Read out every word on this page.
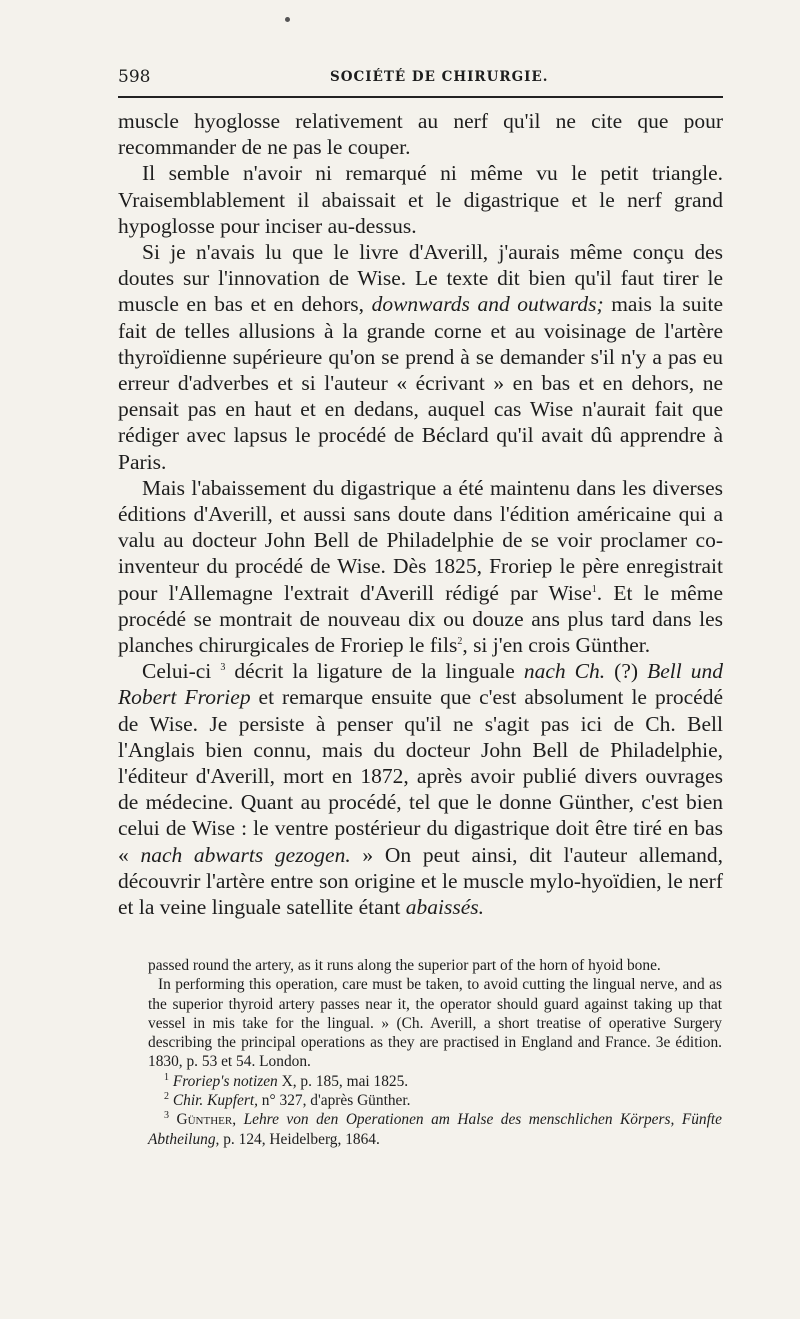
598	SOCIÉTÉ DE CHIRURGIE.

muscle hyoglosse relativement au nerf qu'il ne cite que pour recommander de ne pas le couper.

Il semble n'avoir ni remarqué ni même vu le petit triangle. Vraisemblablement il abaissait et le digastrique et le nerf grand hypoglosse pour inciser au-dessus.

Si je n'avais lu que le livre d'Averill, j'aurais même conçu des doutes sur l'innovation de Wise. Le texte dit bien qu'il faut tirer le muscle en bas et en dehors, downwards and outwards; mais la suite fait de telles allusions à la grande corne et au voisinage de l'artère thyroïdienne supérieure qu'on se prend à se demander s'il n'y a pas eu erreur d'adverbes et si l'auteur « écrivant » en bas et en dehors, ne pensait pas en haut et en dedans, auquel cas Wise n'aurait fait que rédiger avec lapsus le procédé de Béclard qu'il avait dû apprendre à Paris.

Mais l'abaissement du digastrique a été maintenu dans les diverses éditions d'Averill, et aussi sans doute dans l'édition américaine qui a valu au docteur John Bell de Philadelphie de se voir proclamer co-inventeur du procédé de Wise. Dès 1825, Froriep le père enregistrait pour l'Allemagne l'extrait d'Averill rédigé par Wise$^1$. Et le même procédé se montrait de nouveau dix ou douze ans plus tard dans les planches chirurgicales de Froriep le fils$^2$, si j'en crois Günther.

Celui-ci $^3$ décrit la ligature de la linguale nach Ch. (?) Bell und Robert Froriep et remarque ensuite que c'est absolument le procédé de Wise. Je persiste à penser qu'il ne s'agit pas ici de Ch. Bell l'Anglais bien connu, mais du docteur John Bell de Philadelphie, l'éditeur d'Averill, mort en 1872, après avoir publié divers ouvrages de médecine. Quant au procédé, tel que le donne Günther, c'est bien celui de Wise : le ventre postérieur du digastrique doit être tiré en bas « nach abwarts gezogen. » On peut ainsi, dit l'auteur allemand, découvrir l'artère entre son origine et le muscle mylo-hyoïdien, le nerf et la veine linguale satellite étant abaissés.

passed round the artery, as it runs along the superior part of the horn of hyoid bone.

In performing this operation, care must be taken, to avoid cutting the lingual nerve, and as the superior thyroid artery passes near it, the operator should guard against taking up that vessel in mis take for the lingual. » (Ch. Averill, a short treatise of operative Surgery describing the principal operations as they are practised in England and France. 3e édition. 1830, p. 53 et 54. London.

$^1$ Froriep's notizen X, p. 185, mai 1825.

$^2$ Chir. Kupfert, n° 327, d'après Günther.

$^3$ Günther, Lehre von den Operationen am Halse des menschlichen Körpers, Fünfte Abtheilung, p. 124, Heidelberg, 1864.
